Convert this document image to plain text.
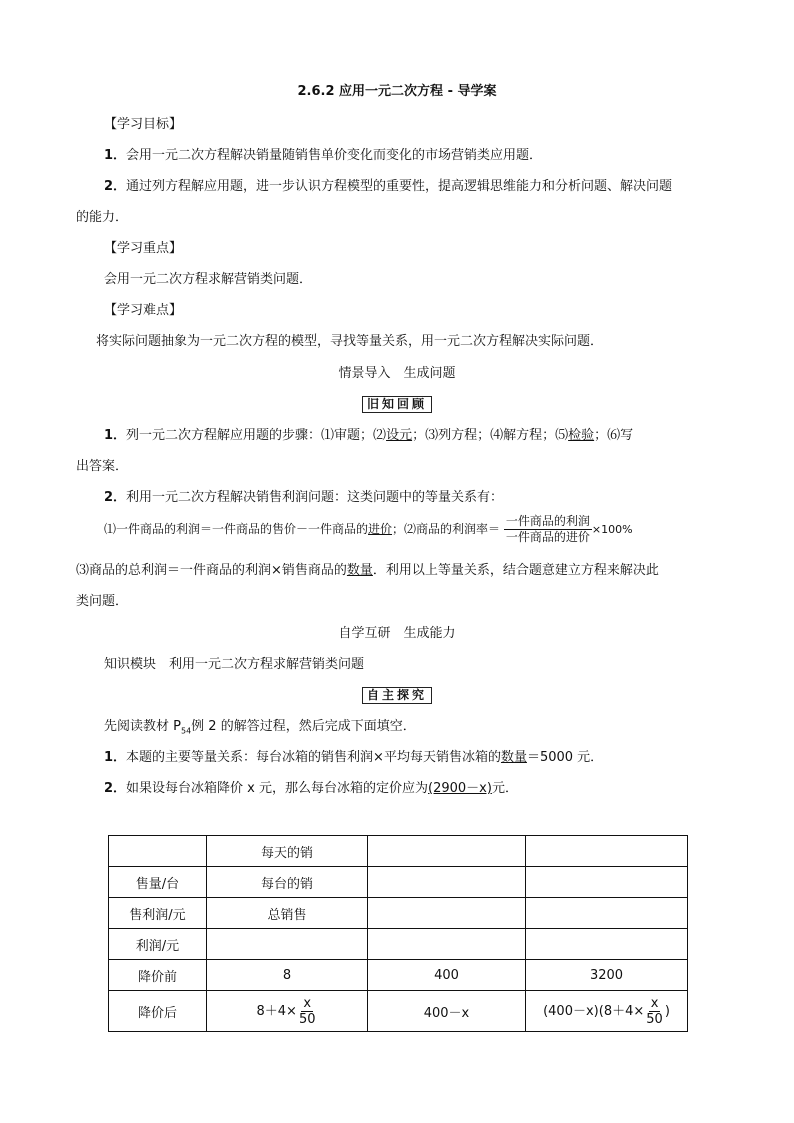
2.6.2 应用一元二次方程 - 导学案
【学习目标】
1．会用一元二次方程解决销量随销售单价变化而变化的市场营销类应用题．
2．通过列方程解应用题，进一步认识方程模型的重要性，提高逻辑思维能力和分析问题、解决问题
的能力．
【学习重点】
会用一元二次方程求解营销类问题．
【学习难点】
将实际问题抽象为一元二次方程的模型，寻找等量关系，用一元二次方程解决实际问题．
情景导入　生成问题
旧知回顾
1．列一元二次方程解应用题的步骤：⑴审题；⑵设元；⑶列方程；⑷解方程；⑸检验；⑹写
出答案．
2．利用一元二次方程解决销售利润问题：这类问题中的等量关系有：
⑴一件商品的利润＝一件商品的售价－一件商品的进价；⑵商品的利润率＝ $\frac{\text{一件商品的利润}}{\text{一件商品的进价}} \times 100\%$
⑶商品的总利润＝一件商品的利润×销售商品的数量．利用以上等量关系，结合题意建立方程来解决此
类问题．
自学互研　生成能力
知识模块　利用一元二次方程求解营销类问题
自主探究
先阅读教材 $P_{54}$例 2 的解答过程，然后完成下面填空．
1．本题的主要等量关系：每台冰箱的销售利润×平均每天销售冰箱的数量＝5000 元．
2．如果设每台冰箱降价 x 元，那么每台冰箱的定价应为(2900－x)元．
	每天的销		
售量/台	每台的销		
售利润/元	总销售		
利润/元			
降价前	8	400	3200
降价后	$8+4\times \frac{x}{50}$	400－x	$(400-x)(8+4\times \frac{x}{50}$ )
